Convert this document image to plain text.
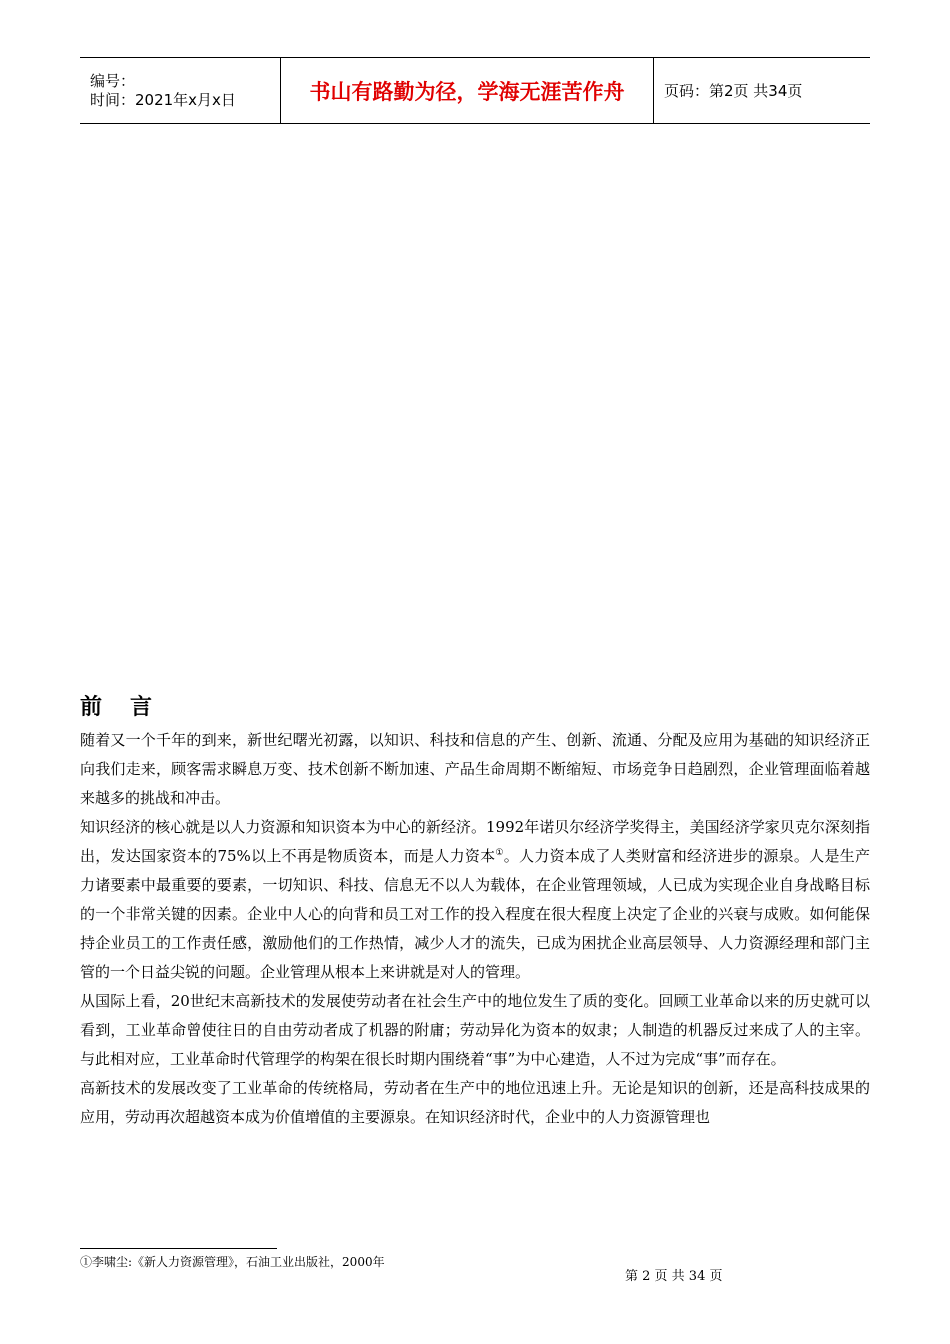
编号：
时间：2021年x月x日	书山有路勤为径，学海无涯苦作舟	页码：第2页 共34页
前 言

随着又一个千年的到来，新世纪曙光初露，以知识、科技和信息的产生、创新、流通、分配及应用为基础的知识经济正向我们走来，顾客需求瞬息万变、技术创新不断加速、产品生命周期不断缩短、市场竞争日趋剧烈，企业管理面临着越来越多的挑战和冲击。

知识经济的核心就是以人力资源和知识资本为中心的新经济。1992年诺贝尔经济学奖得主，美国经济学家贝克尔深刻指出，发达国家资本的75%以上不再是物质资本，而是人力资本①。人力资本成了人类财富和经济进步的源泉。人是生产力诸要素中最重要的要素，一切知识、科技、信息无不以人为载体，在企业管理领域，人已成为实现企业自身战略目标的一个非常关键的因素。企业中人心的向背和员工对工作的投入程度在很大程度上决定了企业的兴衰与成败。如何能保持企业员工的工作责任感，激励他们的工作热情，减少人才的流失，已成为困扰企业高层领导、人力资源经理和部门主管的一个日益尖锐的问题。企业管理从根本上来讲就是对人的管理。

从国际上看，20世纪末高新技术的发展使劳动者在社会生产中的地位发生了质的变化。回顾工业革命以来的历史就可以看到，工业革命曾使往日的自由劳动者成了机器的附庸；劳动异化为资本的奴隶；人制造的机器反过来成了人的主宰。与此相对应，工业革命时代管理学的构架在很长时期内围绕着“事”为中心建造，人不过为完成“事”而存在。

高新技术的发展改变了工业革命的传统格局，劳动者在生产中的地位迅速上升。无论是知识的创新，还是高科技成果的应用，劳动再次超越资本成为价值增值的主要源泉。在知识经济时代，企业中的人力资源管理也

①李啸尘:《新人力资源管理》，石油工业出版社，2000年
第 2 页 共 34 页
